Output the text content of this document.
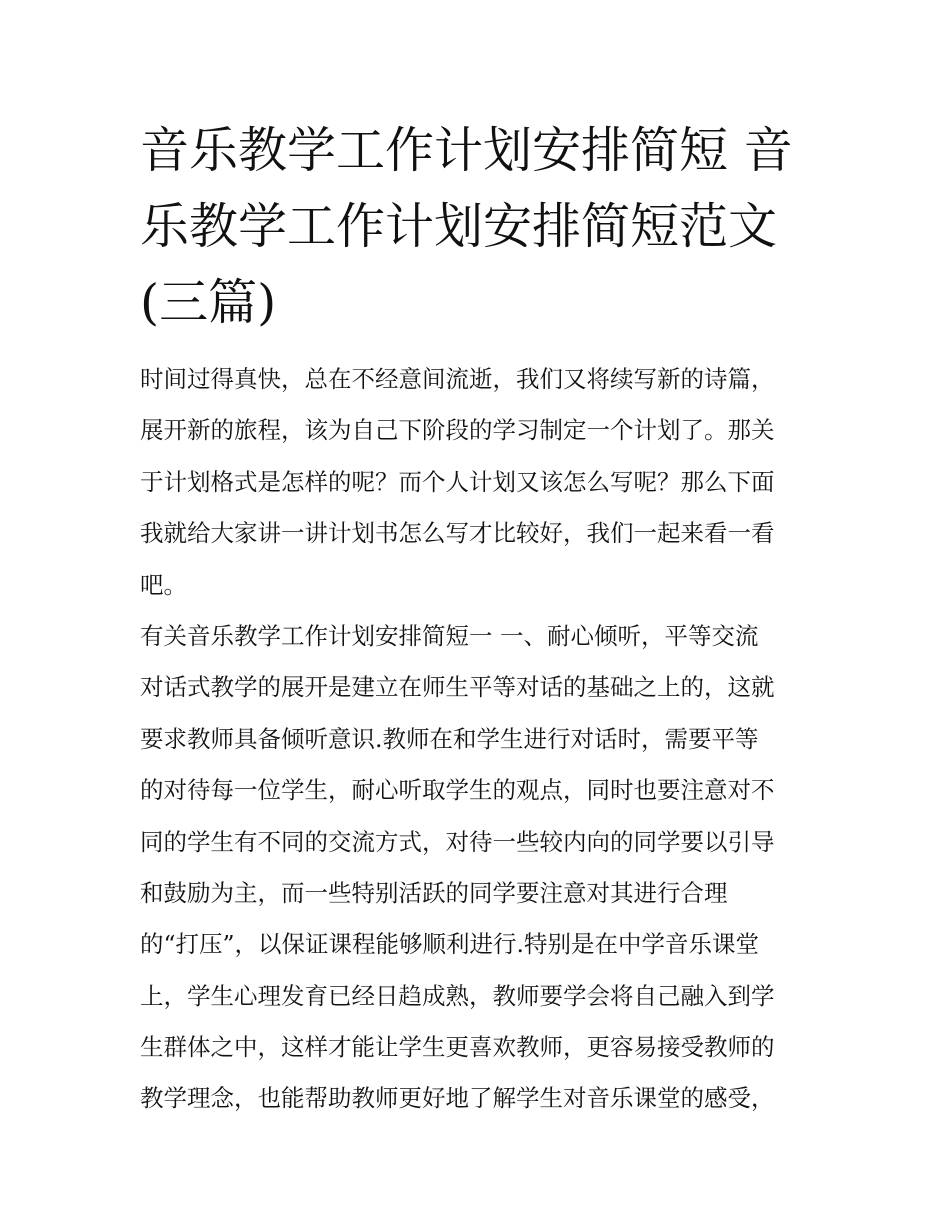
音乐教学工作计划安排简短 音
乐教学工作计划安排简短范文
(三篇)
时间过得真快，总在不经意间流逝，我们又将续写新的诗篇，
展开新的旅程，该为自己下阶段的学习制定一个计划了。那关
于计划格式是怎样的呢？而个人计划又该怎么写呢？那么下面
我就给大家讲一讲计划书怎么写才比较好，我们一起来看一看
吧。
有关音乐教学工作计划安排简短一 一、耐心倾听，平等交流
对话式教学的展开是建立在师生平等对话的基础之上的，这就
要求教师具备倾听意识.教师在和学生进行对话时，需要平等
的对待每一位学生，耐心听取学生的观点，同时也要注意对不
同的学生有不同的交流方式，对待一些较内向的同学要以引导
和鼓励为主，而一些特别活跃的同学要注意对其进行合理
的“打压”，以保证课程能够顺利进行.特别是在中学音乐课堂
上，学生心理发育已经日趋成熟，教师要学会将自己融入到学
生群体之中，这样才能让学生更喜欢教师，更容易接受教师的
教学理念，也能帮助教师更好地了解学生对音乐课堂的感受，
